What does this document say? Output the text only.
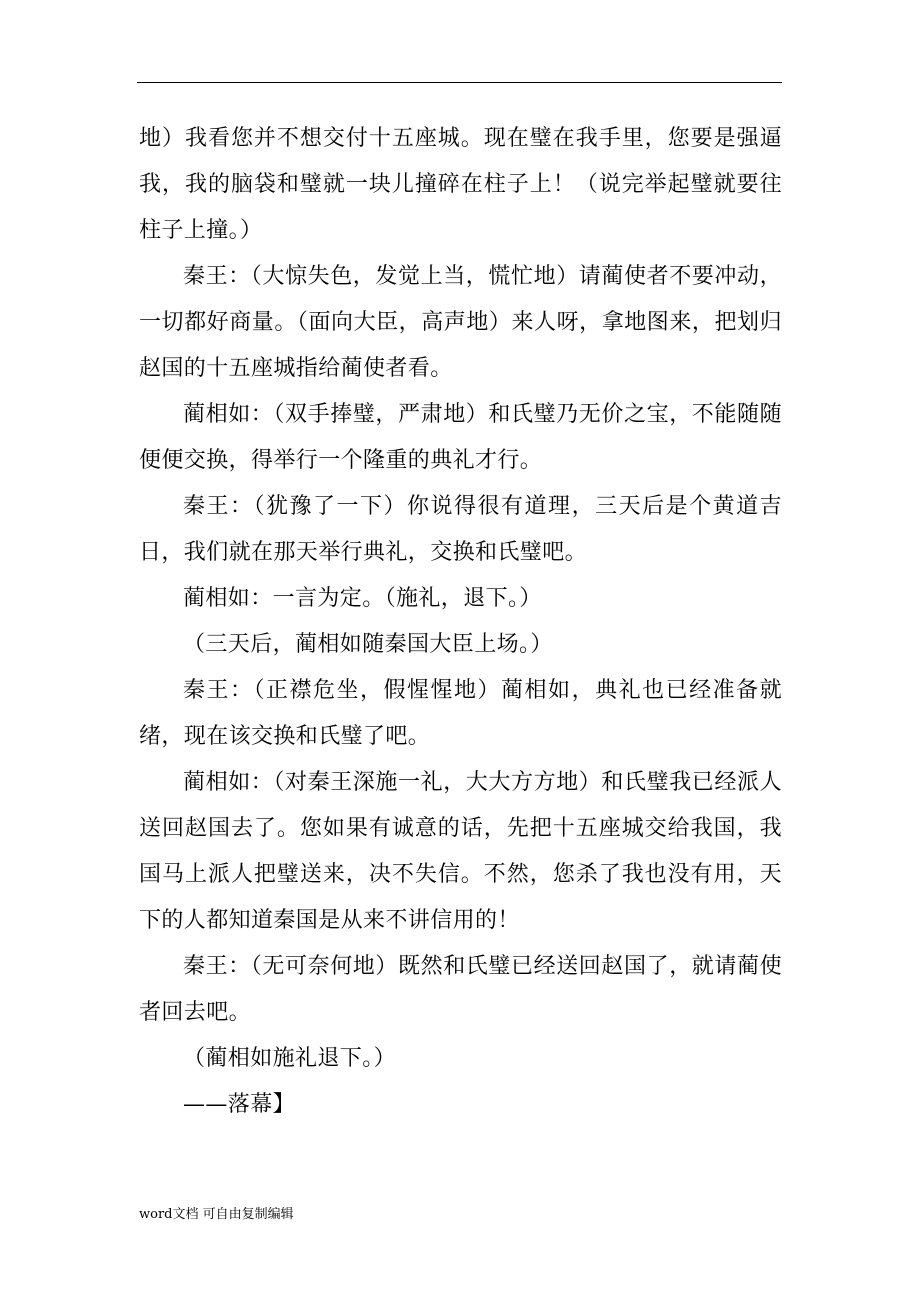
地）我看您并不想交付十五座城。现在璧在我手里，您要是强逼我，我的脑袋和璧就一块儿撞碎在柱子上！（说完举起璧就要往柱子上撞。）

秦王：（大惊失色，发觉上当，慌忙地）请蔺使者不要冲动，一切都好商量。（面向大臣，高声地）来人呀，拿地图来，把划归赵国的十五座城指给蔺使者看。

蔺相如：（双手捧璧，严肃地）和氏璧乃无价之宝，不能随随便便交换，得举行一个隆重的典礼才行。

秦王：（犹豫了一下）你说得很有道理，三天后是个黄道吉日，我们就在那天举行典礼，交换和氏璧吧。

蔺相如：一言为定。（施礼，退下。）

（三天后，蔺相如随秦国大臣上场。）

秦王：（正襟危坐，假惺惺地）蔺相如，典礼也已经准备就绪，现在该交换和氏璧了吧。

蔺相如：（对秦王深施一礼，大大方方地）和氏璧我已经派人送回赵国去了。您如果有诚意的话，先把十五座城交给我国，我国马上派人把璧送来，决不失信。不然，您杀了我也没有用，天下的人都知道秦国是从来不讲信用的！

秦王：（无可奈何地）既然和氏璧已经送回赵国了，就请蔺使者回去吧。

（蔺相如施礼退下。）

——落幕】

word文档 可自由复制编辑
